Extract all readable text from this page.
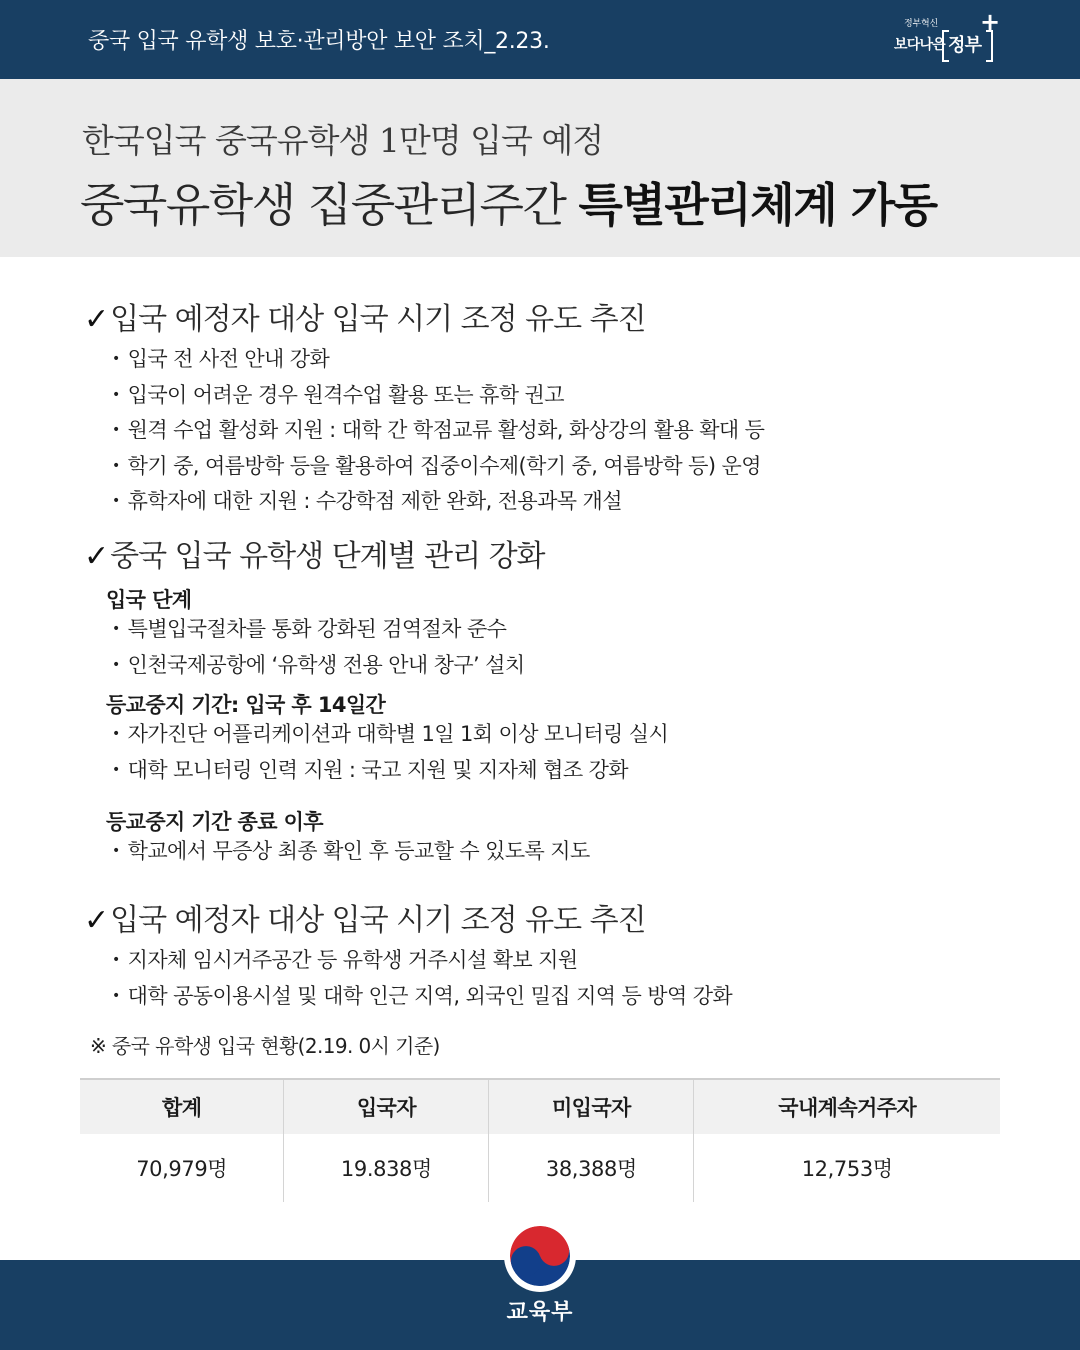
중국 입국 유학생 보호·관리방안 보안 조치_2.23.
정부혁신
보다나은 정부
+
한국입국 중국유학생 1만명 입국 예정
중국유학생 집중관리주간 특별관리체계 가동
✓입국 예정자 대상 입국 시기 조정 유도 추진
• 입국 전 사전 안내 강화
• 입국이 어려운 경우 원격수업 활용 또는 휴학 권고
• 원격 수업 활성화 지원 : 대학 간 학점교류 활성화, 화상강의 활용 확대 등
• 학기 중, 여름방학 등을 활용하여 집중이수제(학기 중, 여름방학 등) 운영
• 휴학자에 대한 지원 : 수강학점 제한 완화, 전용과목 개설
✓중국 입국 유학생 단계별 관리 강화
입국 단계
• 특별입국절차를 통화 강화된 검역절차 준수
• 인천국제공항에 ‘유학생 전용 안내 창구’ 설치
등교중지 기간: 입국 후 14일간
• 자가진단 어플리케이션과 대학별 1일 1회 이상 모니터링 실시
• 대학 모니터링 인력 지원 : 국고 지원 및 지자체 협조 강화
등교중지 기간 종료 이후
• 학교에서 무증상 최종 확인 후 등교할 수 있도록 지도
✓입국 예정자 대상 입국 시기 조정 유도 추진
• 지자체 임시거주공간 등 유학생 거주시설 확보 지원
• 대학 공동이용시설 및 대학 인근 지역, 외국인 밀집 지역 등 방역 강화
※ 중국 유학생 입국 현황(2.19. 0시 기준)
합계	입국자	미입국자	국내계속거주자
70,979명	19.838명	38,388명	12,753명
교육부
